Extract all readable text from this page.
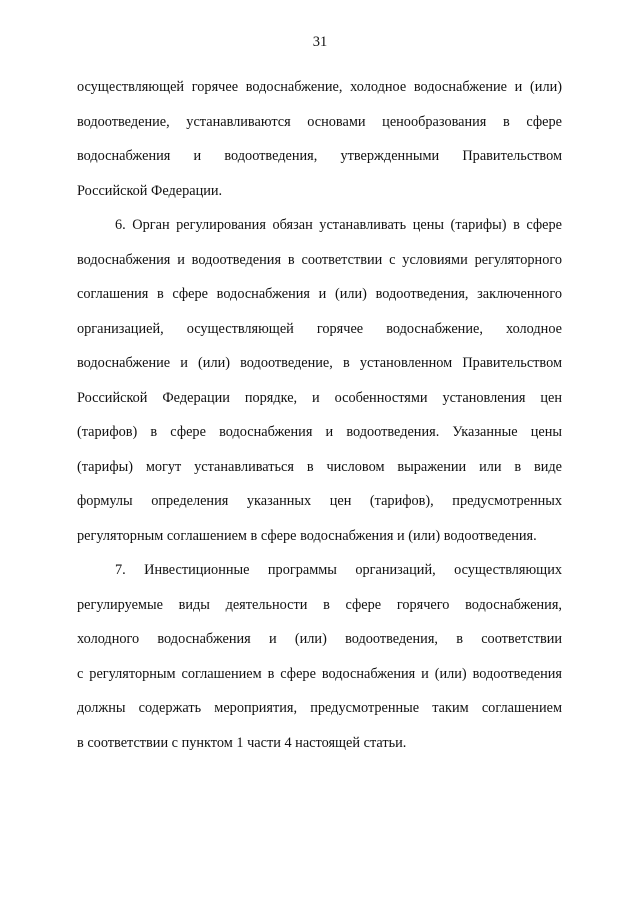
31
осуществляющей горячее водоснабжение, холодное водоснабжение и (или)
водоотведение, устанавливаются основами ценообразования в сфере
водоснабжения и водоотведения, утвержденными Правительством
Российской Федерации.
6. Орган регулирования обязан устанавливать цены (тарифы) в сфере
водоснабжения и водоотведения в соответствии с условиями регуляторного
соглашения в сфере водоснабжения и (или) водоотведения, заключенного
организацией, осуществляющей горячее водоснабжение, холодное
водоснабжение и (или) водоотведение, в установленном Правительством
Российской Федерации порядке, и особенностями установления цен
(тарифов) в сфере водоснабжения и водоотведения. Указанные цены
(тарифы) могут устанавливаться в числовом выражении или в виде
формулы определения указанных цен (тарифов), предусмотренных
регуляторным соглашением в сфере водоснабжения и (или) водоотведения.
7. Инвестиционные программы организаций, осуществляющих
регулируемые виды деятельности в сфере горячего водоснабжения,
холодного водоснабжения и (или) водоотведения, в соответствии
с регуляторным соглашением в сфере водоснабжения и (или) водоотведения
должны содержать мероприятия, предусмотренные таким соглашением
в соответствии с пунктом 1 части 4 настоящей статьи.
